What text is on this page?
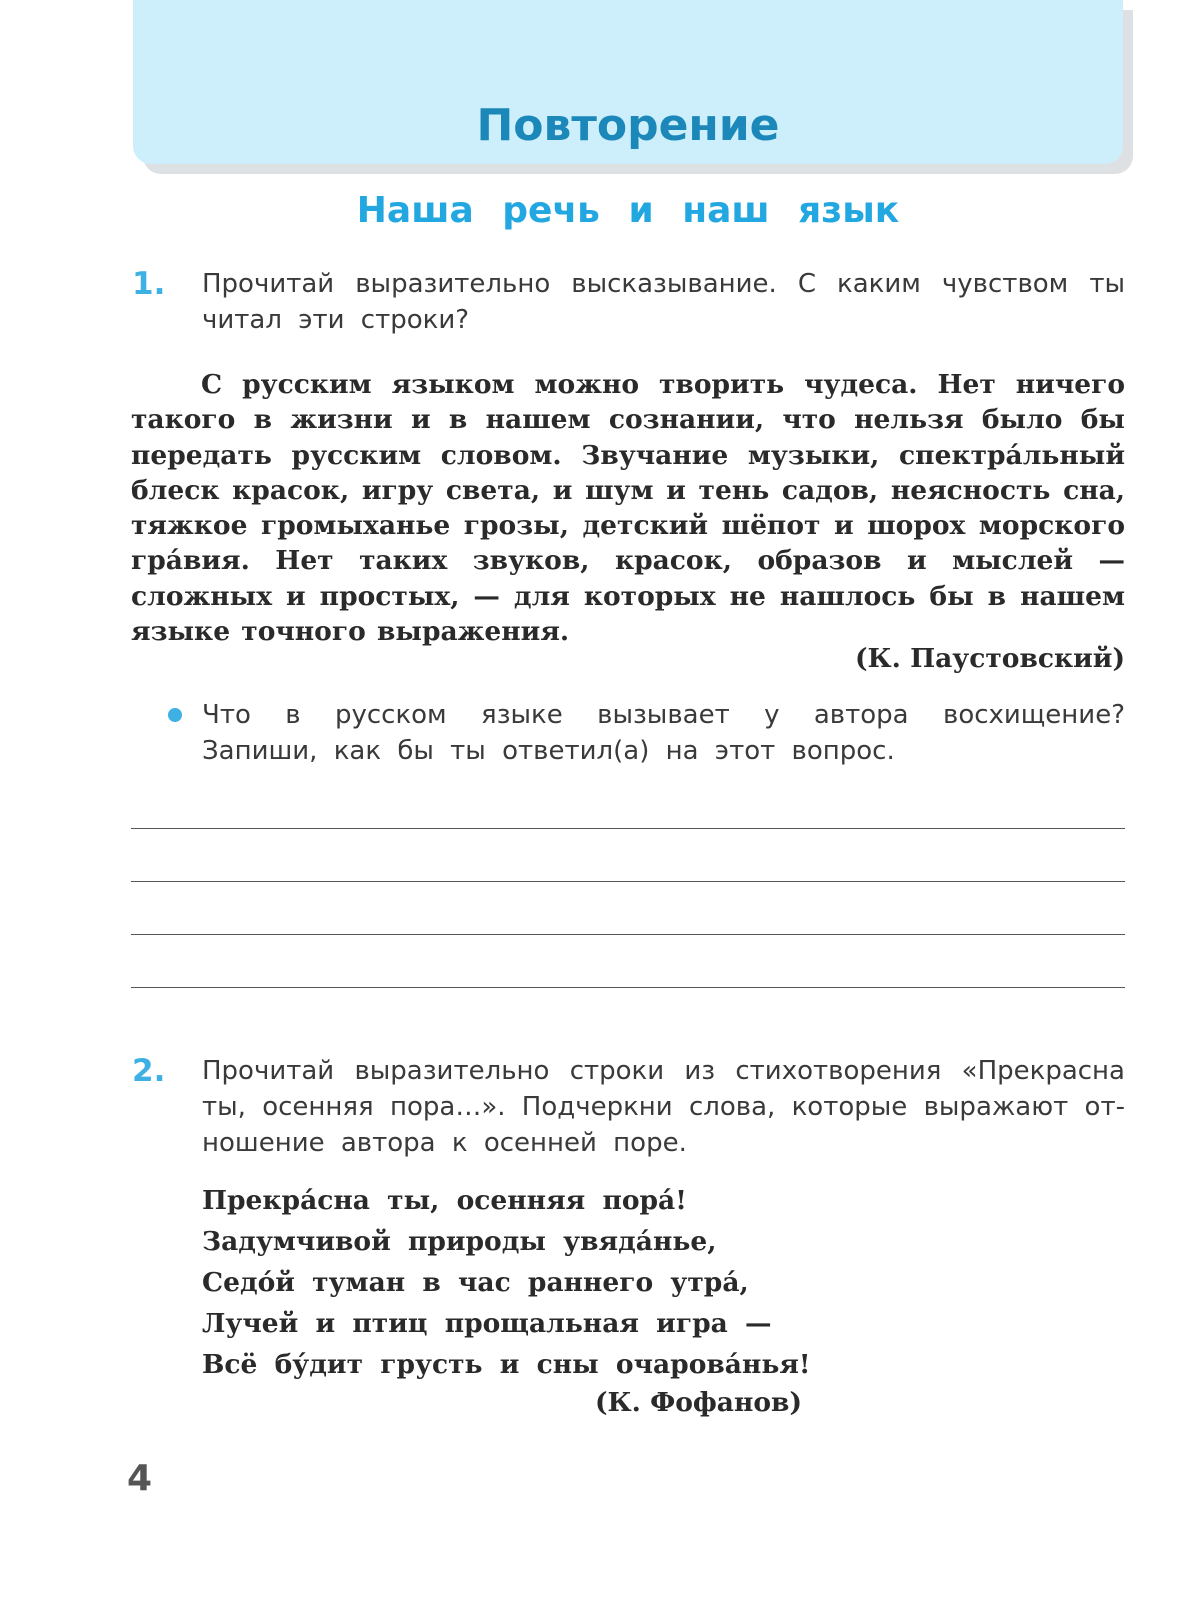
Повторение
Наша речь и наш язык
1. Прочитай выразительно высказывание. С каким чувством ты читал эти строки?

С русским языком можно творить чудеса. Нет ничего такого в жизни и в нашем сознании, что нельзя было бы передать русским словом. Звучание музыки, спектра́льный блеск красок, игру света, и шум и тень садов, неясность сна, тяжкое громыханье грозы, детский шёпот и шорох морского гра́вия. Нет таких звуков, красок, образов и мыслей — сложных и простых, — для которых не нашлось бы в нашем языке точного выражения.

(К. Паустовский)

Что в русском языке вызывает у автора восхищение? Запиши, как бы ты ответил(а) на этот вопрос.

2. Прочитай выразительно строки из стихотворения «Прекрасна ты, осенняя пора…». Подчеркни слова, которые выражают отношение автора к осенней поре.

Прекра́сна ты, осенняя пора́!
Задумчивой природы увяда́нье,
Седо́й туман в час раннего утра́,
Лучей и птиц прощальная игра —
Всё бу́дит грусть и сны очарова́нья!
(К. Фофанов)
4
